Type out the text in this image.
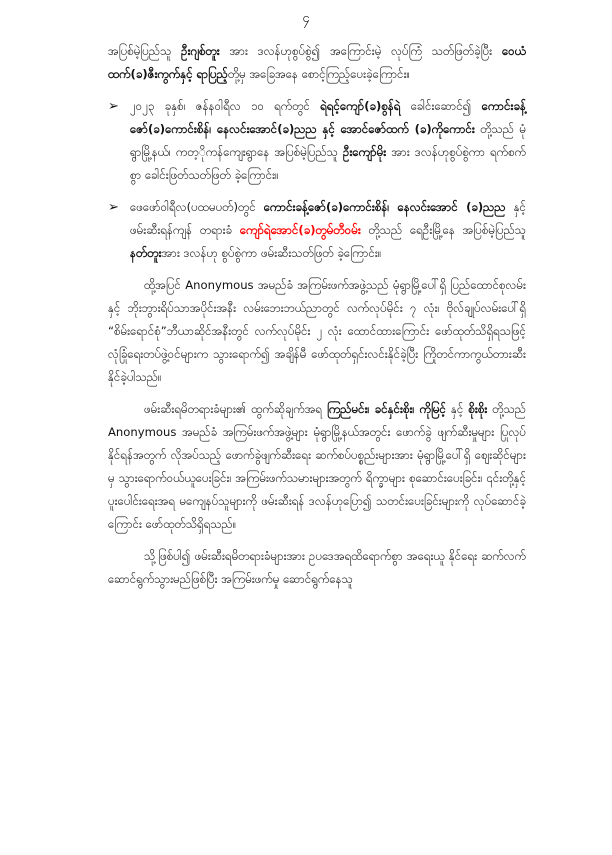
၄

အပြစ်မဲ့ပြည်သူ ဦးဂျစ်တူး အား ဒလန်ဟုစွပ်စွဲ၍ အကြောင်းမဲ့ လုပ်ကြံ သတ်ဖြတ်ခဲ့ပြီး ဝေယံထက်(ခ)ဇီးကွက်နှင့် ရာပြည့်တို့မှ အခြေအနေ စောင့်ကြည့်ပေးခဲ့ကြောင်း။

➢ ၂၀၂၃ ခုနှစ်၊ ဇန်နဝါရီလ ၁၀ ရက်တွင် ရဲရင့်ကျော်(ခ)စွန်ရဲ ခေါင်းဆောင်၍ ကောင်းခန့်ဇော်(ခ)ကောင်းစိန်၊ နေလင်းအောင်(ခ)ညည နှင့် အောင်ဇော်ထက် (ခ)ကိုကောင်း တို့သည် မုံရွာမြို့နယ်၊ ကတ့ိုကန်ကျေးရွာနေ အပြစ်မဲ့ပြည်သူ ဦးကျော်မိုး အား ဒလန်ဟုစွပ်စွဲကာ ရက်စက်စွာ ခေါင်းဖြတ်သတ်ဖြတ် ခဲ့ကြောင်း။
➢ ဖေဖော်ဝါရီလ(ပထမပတ်)တွင် ကောင်းခန့်ဇော်(ခ)ကောင်းစိန်၊ နေလင်းအောင် (ခ)ညည နှင့် ဖမ်းဆီးရန်ကျန် တရားခံ ကျော်ရဲအောင်(ခ)တွမ်တီဝမ်း တို့သည် ရေဦးမြို့နေ အပြစ်မဲ့ပြည်သူ နတ်တူးအား ဒလန်ဟု စွပ်စွဲကာ ဖမ်းဆီးသတ်ဖြတ် ခဲ့ကြောင်း။

ထို့အပြင် Anonymous အမည်ခံ အကြမ်းဖက်အဖွဲ့သည် မုံရွာမြို့ပေါ်ရှိ ပြည်ထောင်စုလမ်းနှင့် ဘိုးဘွားရိပ်သာအပိုင်းအနီး လမ်းဘေးဘယ်ညာတွင် လက်လုပ်မိုင်း ၇ လုံး၊ ဗိုလ်ချုပ်လမ်းပေါ်ရှိ “စိမ်းရောင်စုံ”ဘီယာဆိုင်အနီးတွင် လက်လုပ်မိုင်း ၂ လုံး ထောင်ထားကြောင်း ဖော်ထုတ်သိရှိရသဖြင့် လုံခြုံရေးတပ်ဖွဲ့ဝင်များက သွားရောက်၍ အချိန်မီ ဖော်ထုတ်ရှင်းလင်းနိုင်ခဲ့ပြီး ကြိုတင်ကာကွယ်တားဆီးနိုင်ခဲ့ပါသည်။

ဖမ်းဆီးရမိတရားခံများ၏ ထွက်ဆိုချက်အရ ကြည်မင်း၊ ခင်နှင်းစိုး၊ ကိုမြင့် နှင့် စိုးစိုး တို့သည် Anonymous အမည်ခံ အကြမ်းဖက်အဖွဲ့များ မုံရွာမြို့နယ်အတွင်း ဖောက်ခွဲ ဖျက်ဆီးမှုများ ပြုလုပ်နိုင်ရန်အတွက် လိုအပ်သည့် ဖောက်ခွဲဖျက်ဆီးရေး ဆက်စပ်ပစ္စည်းများအား မုံရွာမြို့ပေါ်ရှိ ဈေးဆိုင်များမှ သွားရောက်ဝယ်ယူပေးခြင်း၊ အကြမ်းဖက်သမားများအတွက် ရိက္ခာများ စုဆောင်းပေးခြင်း၊ ၎င်းတို့နှင့် ပူးပေါင်းရေးအရ မကျေနပ်သူများကို ဖမ်းဆီးရန် ဒလန်ဟုပြော၍ သတင်းပေးခြင်းများကို လုပ်ဆောင်ခဲ့ ကြောင်း ဖော်ထုတ်သိရှိရသည်။

သို့ဖြစ်ပါ၍ ဖမ်းဆီးရမိတရားခံများအား ဥပဒေအရထိရောက်စွာ အရေးယူ နိုင်ရေး ဆက်လက်ဆောင်ရွက်သွားမည်ဖြစ်ပြီး အကြမ်းဖက်မှု ဆောင်ရွက်နေသူ
